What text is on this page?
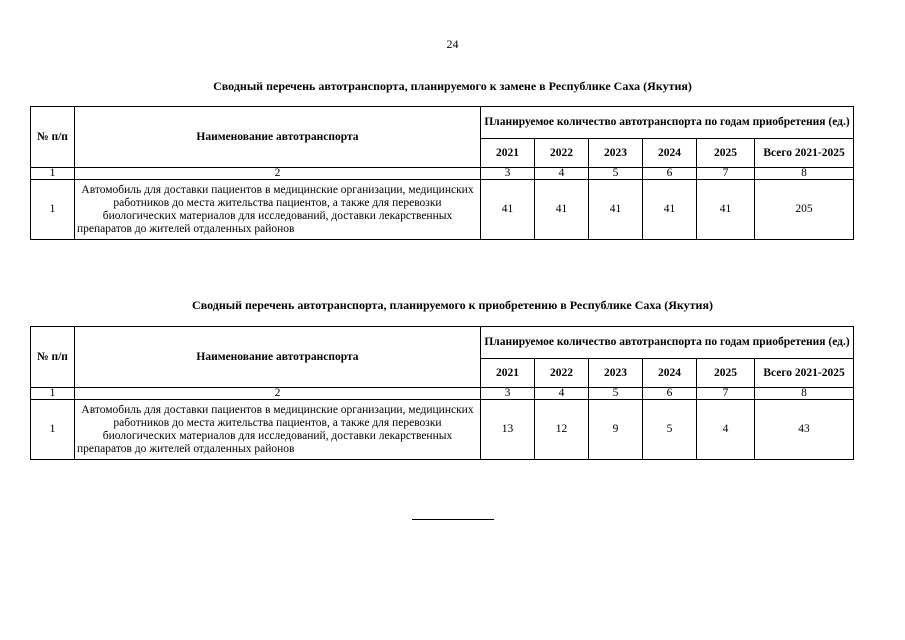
24
Сводный перечень автотранспорта, планируемого к замене в Республике Саха (Якутия)
№ п/п	Наименование автотранспорта	Планируемое количество автотранспорта по годам приобретения (ед.)					
		2021	2022	2023	2024	2025	Всего 2021-2025
1	2	3	4	5	6	7	8
1	Автомобиль для доставки пациентов в медицинские организации, медицинских работников до места жительства пациентов, а также для перевозки биологических материалов для исследований, доставки лекарственных препаратов до жителей отдаленных районов	41	41	41	41	41	205
Сводный перечень автотранспорта, планируемого к приобретению в Республике Саха (Якутия)
№ п/п	Наименование автотранспорта	Планируемое количество автотранспорта по годам приобретения (ед.)					
		2021	2022	2023	2024	2025	Всего 2021-2025
1	2	3	4	5	6	7	8
1	Автомобиль для доставки пациентов в медицинские организации, медицинских работников до места жительства пациентов, а также для перевозки биологических материалов для исследований, доставки лекарственных препаратов до жителей отдаленных районов	13	12	9	5	4	43
